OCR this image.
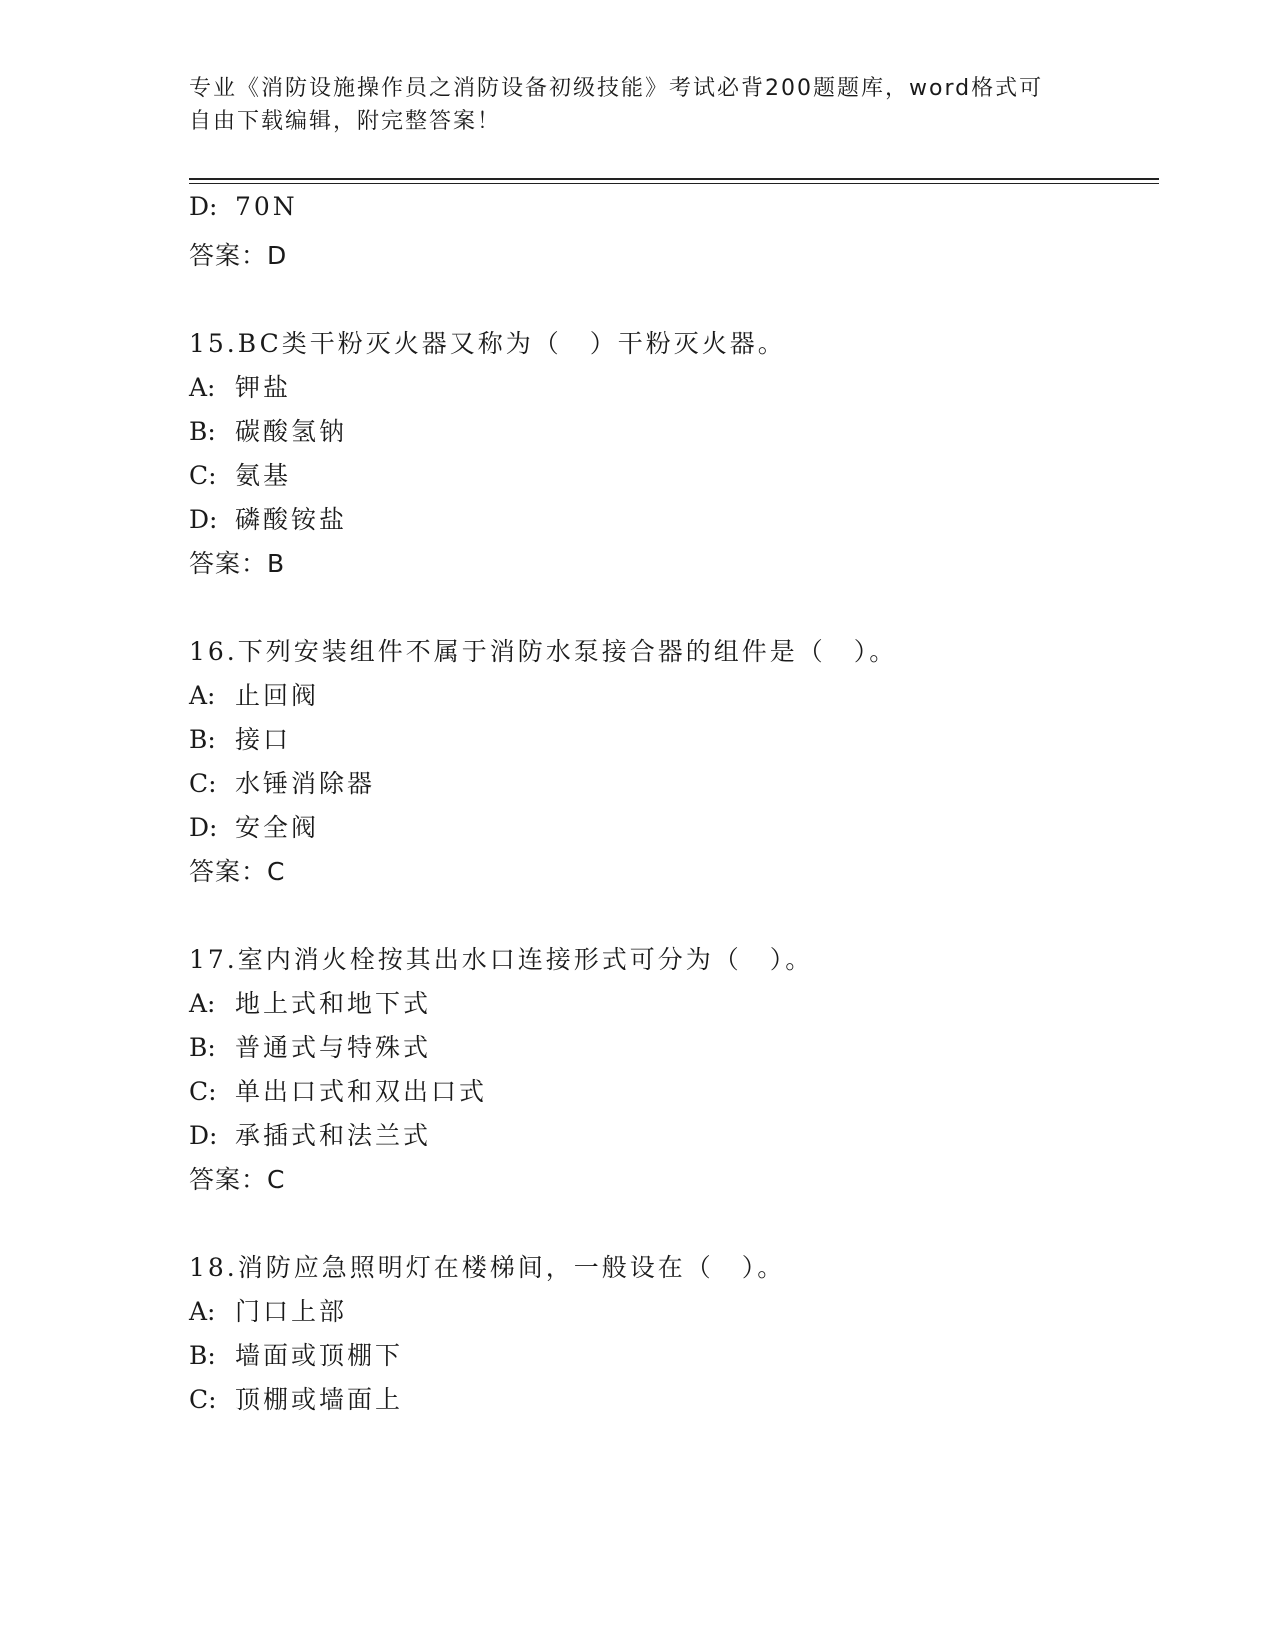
专业《消防设施操作员之消防设备初级技能》考试必背200题题库，word格式可
自由下载编辑，附完整答案！
D: 70N
答案：D
15.BC类干粉灭火器又称为（　）干粉灭火器。
A: 钾盐
B: 碳酸氢钠
C: 氨基
D: 磷酸铵盐
答案：B
16.下列安装组件不属于消防水泵接合器的组件是（　）。
A: 止回阀
B: 接口
C: 水锤消除器
D: 安全阀
答案：C
17.室内消火栓按其出水口连接形式可分为（　）。
A: 地上式和地下式
B: 普通式与特殊式
C: 单出口式和双出口式
D: 承插式和法兰式
答案：C
18.消防应急照明灯在楼梯间，一般设在（　）。
A: 门口上部
B: 墙面或顶棚下
C: 顶棚或墙面上
